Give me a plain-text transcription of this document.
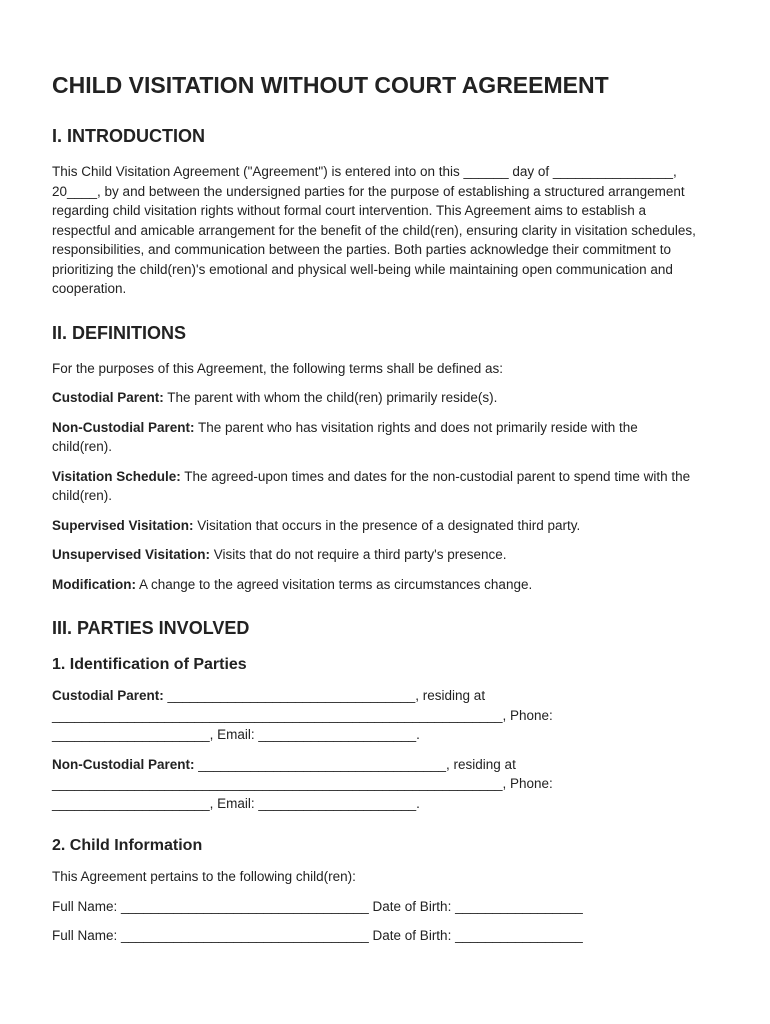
CHILD VISITATION WITHOUT COURT AGREEMENT
I. INTRODUCTION

This Child Visitation Agreement ("Agreement") is entered into on this ______ day of ________________, 20____, by and between the undersigned parties for the purpose of establishing a structured arrangement regarding child visitation rights without formal court intervention. This Agreement aims to establish a respectful and amicable arrangement for the benefit of the child(ren), ensuring clarity in visitation schedules, responsibilities, and communication between the parties. Both parties acknowledge their commitment to prioritizing the child(ren)'s emotional and physical well-being while maintaining open communication and cooperation.

II. DEFINITIONS

For the purposes of this Agreement, the following terms shall be defined as:

Custodial Parent: The parent with whom the child(ren) primarily reside(s).

Non-Custodial Parent: The parent who has visitation rights and does not primarily reside with the child(ren).

Visitation Schedule: The agreed-upon times and dates for the non-custodial parent to spend time with the child(ren).

Supervised Visitation: Visitation that occurs in the presence of a designated third party.

Unsupervised Visitation: Visits that do not require a third party's presence.

Modification: A change to the agreed visitation terms as circumstances change.

III. PARTIES INVOLVED
1. Identification of Parties

Custodial Parent: _________________________________, residing at ____________________________________________________________, Phone: _____________________, Email: _____________________.

Non-Custodial Parent: _________________________________, residing at ____________________________________________________________, Phone: _____________________, Email: _____________________.

2. Child Information

This Agreement pertains to the following child(ren):

Full Name: _________________________________ Date of Birth: _________________

Full Name: _________________________________ Date of Birth: _________________
